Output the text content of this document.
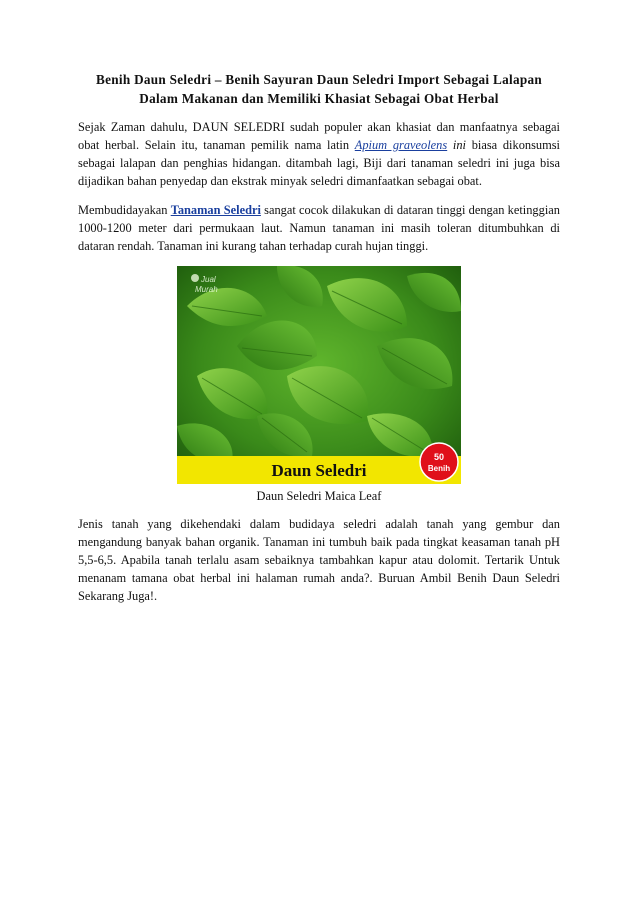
Benih Daun Seledri – Benih Sayuran Daun Seledri Import Sebagai Lalapan Dalam Makanan dan Memiliki Khasiat Sebagai Obat Herbal

Sejak Zaman dahulu, DAUN SELEDRI sudah populer akan khasiat dan manfaatnya sebagai obat herbal. Selain itu, tanaman pemilik nama latin Apium graveolens ini biasa dikonsumsi sebagai lalapan dan penghias hidangan. ditambah lagi, Biji dari tanaman seledri ini juga bisa dijadikan bahan penyedap dan ekstrak minyak seledri dimanfaatkan sebagai obat.

Membudidayakan Tanaman Seledri sangat cocok dilakukan di dataran tinggi dengan ketinggian 1000-1200 meter dari permukaan laut. Namun tanaman ini masih toleran ditumbuhkan di dataran rendah. Tanaman ini kurang tahan terhadap curah hujan tinggi.

Jual
Murah
Daun Seledri
50
Benih
Daun Seledri Maica Leaf

Jenis tanah yang dikehendaki dalam budidaya seledri adalah tanah yang gembur dan mengandung banyak bahan organik. Tanaman ini tumbuh baik pada tingkat keasaman tanah pH 5,5-6,5. Apabila tanah terlalu asam sebaiknya tambahkan kapur atau dolomit. Tertarik Untuk menanam tamana obat herbal ini halaman rumah anda?. Buruan Ambil Benih Daun Seledri Sekarang Juga!.
